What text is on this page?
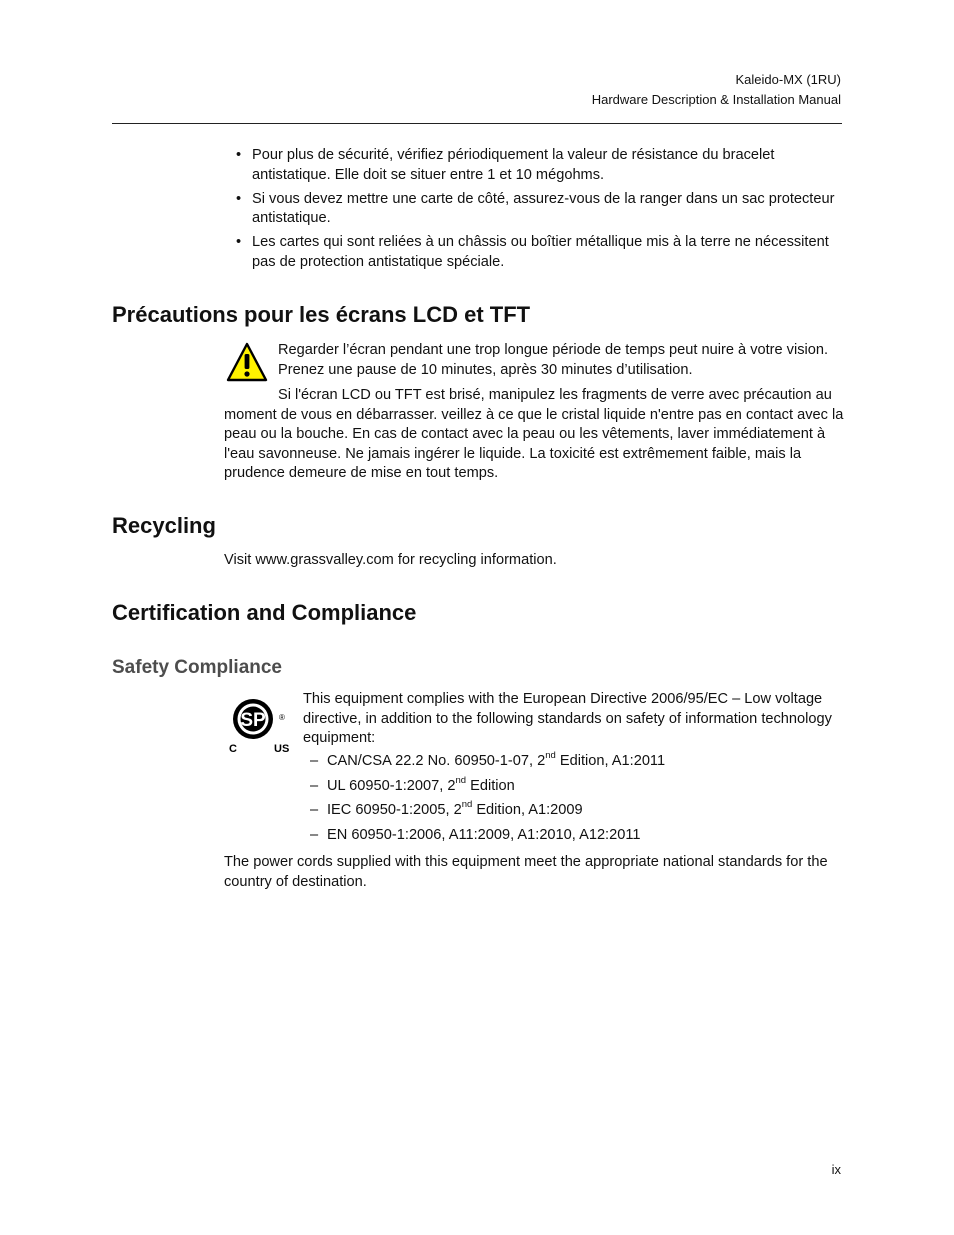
Kaleido-MX (1RU)
Hardware Description & Installation Manual
• Pour plus de sécurité, vérifiez périodiquement la valeur de résistance du bracelet antistatique. Elle doit se situer entre 1 et 10 mégohms.
• Si vous devez mettre une carte de côté, assurez-vous de la ranger dans un sac protecteur antistatique.
• Les cartes qui sont reliées à un châssis ou boîtier métallique mis à la terre ne nécessitent pas de protection antistatique spéciale.
Précautions pour les écrans LCD et TFT
Regarder l’écran pendant une trop longue période de temps peut nuire à votre vision. Prenez une pause de 10 minutes, après 30 minutes d’utilisation.
Si l'écran LCD ou TFT est brisé, manipulez les fragments de verre avec précaution au moment de vous en débarrasser. veillez à ce que le cristal liquide n'entre pas en contact avec la peau ou la bouche. En cas de contact avec la peau ou les vêtements, laver immédiatement à l'eau savonneuse. Ne jamais ingérer le liquide. La toxicité est extrêmement faible, mais la prudence demeure de mise en tout temps.
Recycling
Visit www.grassvalley.com for recycling information.
Certification and Compliance
Safety Compliance
SP ®
C	US
This equipment complies with the European Directive 2006/95/EC – Low voltage directive, in addition to the following standards on safety of information technology equipment:
– CAN/CSA 22.2 No. 60950-1-07, 2nd Edition, A1:2011
– UL 60950-1:2007, 2nd Edition
– IEC 60950-1:2005, 2nd Edition, A1:2009
– EN 60950-1:2006, A11:2009, A1:2010, A12:2011
The power cords supplied with this equipment meet the appropriate national standards for the country of destination.
ix
